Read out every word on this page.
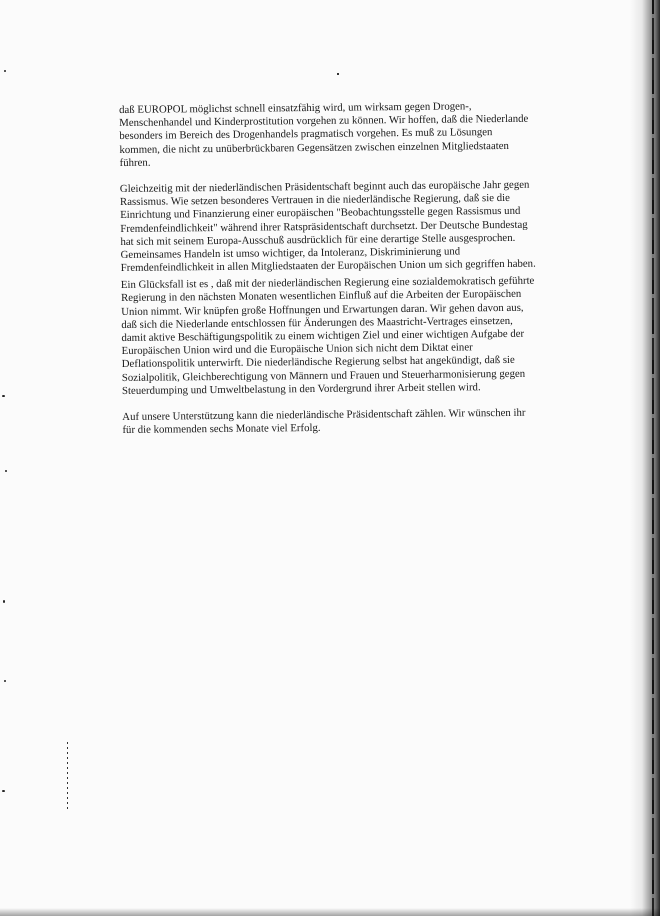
daß EUROPOL möglichst schnell einsatzfähig wird, um wirksam gegen Drogen-,
Menschenhandel und Kinderprostitution vorgehen zu können. Wir hoffen, daß die Niederlande
besonders im Bereich des Drogenhandels pragmatisch vorgehen. Es muß zu Lösungen
kommen, die nicht zu unüberbrückbaren Gegensätzen zwischen einzelnen Mitgliedstaaten
führen.

Gleichzeitig mit der niederländischen Präsidentschaft beginnt auch das europäische Jahr gegen
Rassismus. Wie setzen besonderes Vertrauen in die niederländische Regierung, daß sie die
Einrichtung und Finanzierung einer europäischen "Beobachtungsstelle gegen Rassismus und
Fremdenfeindlichkeit" während ihrer Ratspräsidentschaft durchsetzt. Der Deutsche Bundestag
hat sich mit seinem Europa-Ausschuß ausdrücklich für eine derartige Stelle ausgesprochen.
Gemeinsames Handeln ist umso wichtiger, da Intoleranz, Diskriminierung und
Fremdenfeindlichkeit in allen Mitgliedstaaten der Europäischen Union um sich gegriffen haben.

Ein Glücksfall ist es , daß mit der niederländischen Regierung eine sozialdemokratisch geführte
Regierung in den nächsten Monaten wesentlichen Einfluß auf die Arbeiten der Europäischen
Union nimmt. Wir knüpfen große Hoffnungen und Erwartungen daran. Wir gehen davon aus,
daß sich die Niederlande entschlossen für Änderungen des Maastricht-Vertrages einsetzen,
damit aktive Beschäftigungspolitik zu einem wichtigen Ziel und einer wichtigen Aufgabe der
Europäischen Union wird und die Europäische Union sich nicht dem Diktat einer
Deflationspolitik unterwirft. Die niederländische Regierung selbst hat angekündigt, daß sie
Sozialpolitik, Gleichberechtigung von Männern und Frauen und Steuerharmonisierung gegen
Steuerdumping und Umweltbelastung in den Vordergrund ihrer Arbeit stellen wird.

Auf unsere Unterstützung kann die niederländische Präsidentschaft zählen. Wir wünschen ihr
für die kommenden sechs Monate viel Erfolg.
